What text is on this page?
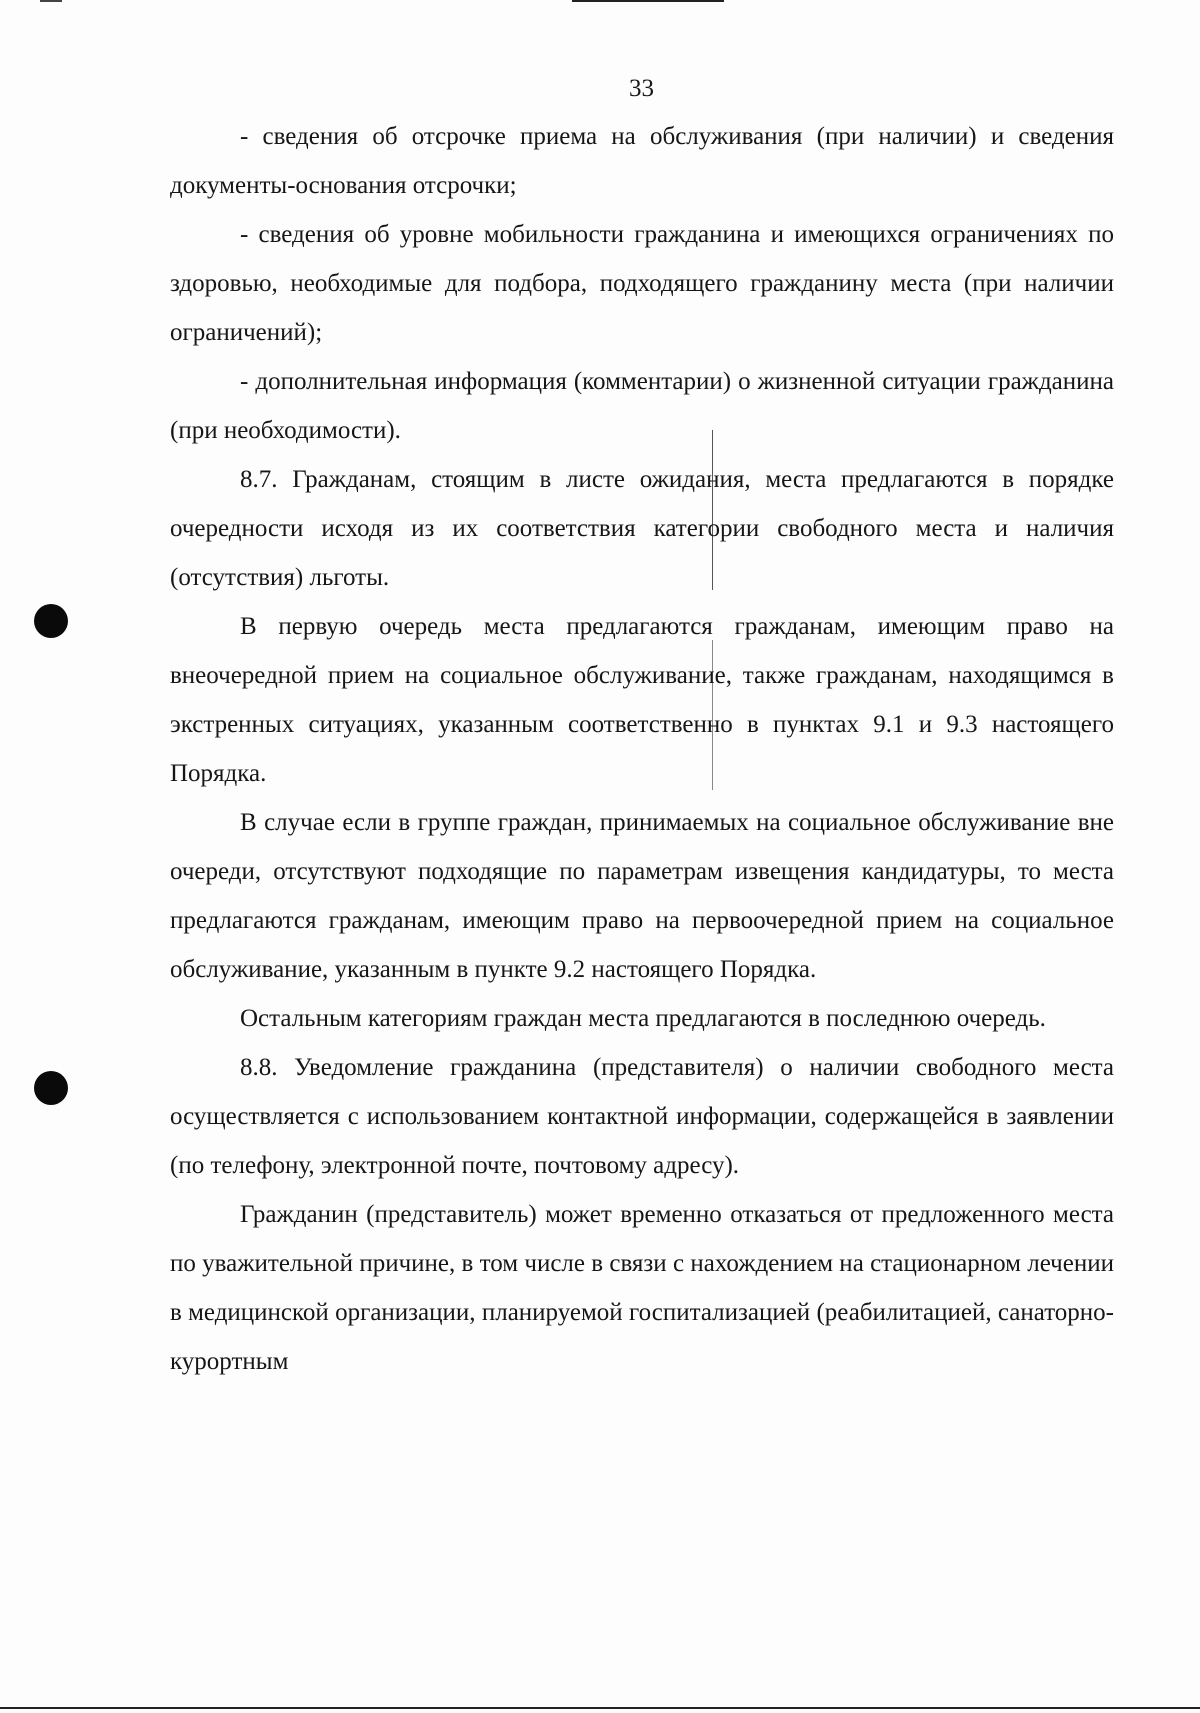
33

- сведения об отсрочке приема на обслуживания (при наличии) и сведения документы-основания отсрочки;

- сведения об уровне мобильности гражданина и имеющихся ограничениях по здоровью, необходимые для подбора, подходящего гражданину места (при наличии ограничений);

- дополнительная информация (комментарии) о жизненной ситуации гражданина (при необходимости).

8.7. Гражданам, стоящим в листе ожидания, места предлагаются в порядке очередности исходя из их соответствия категории свободного места и наличия (отсутствия) льготы.

В первую очередь места предлагаются гражданам, имеющим право на внеочередной прием на социальное обслуживание, также гражданам, находящимся в экстренных ситуациях, указанным соответственно в пунктах 9.1 и 9.3 настоящего Порядка.

В случае если в группе граждан, принимаемых на социальное обслуживание вне очереди, отсутствуют подходящие по параметрам извещения кандидатуры, то места предлагаются гражданам, имеющим право на первоочередной прием на социальное обслуживание, указанным в пункте 9.2 настоящего Порядка.

Остальным категориям граждан места предлагаются в последнюю очередь.

8.8. Уведомление гражданина (представителя) о наличии свободного места осуществляется с использованием контактной информации, содержащейся в заявлении (по телефону, электронной почте, почтовому адресу).

Гражданин (представитель) может временно отказаться от предложенного места по уважительной причине, в том числе в связи с нахождением на стационарном лечении в медицинской организации, планируемой госпитализацией (реабилитацией, санаторно-курортным
